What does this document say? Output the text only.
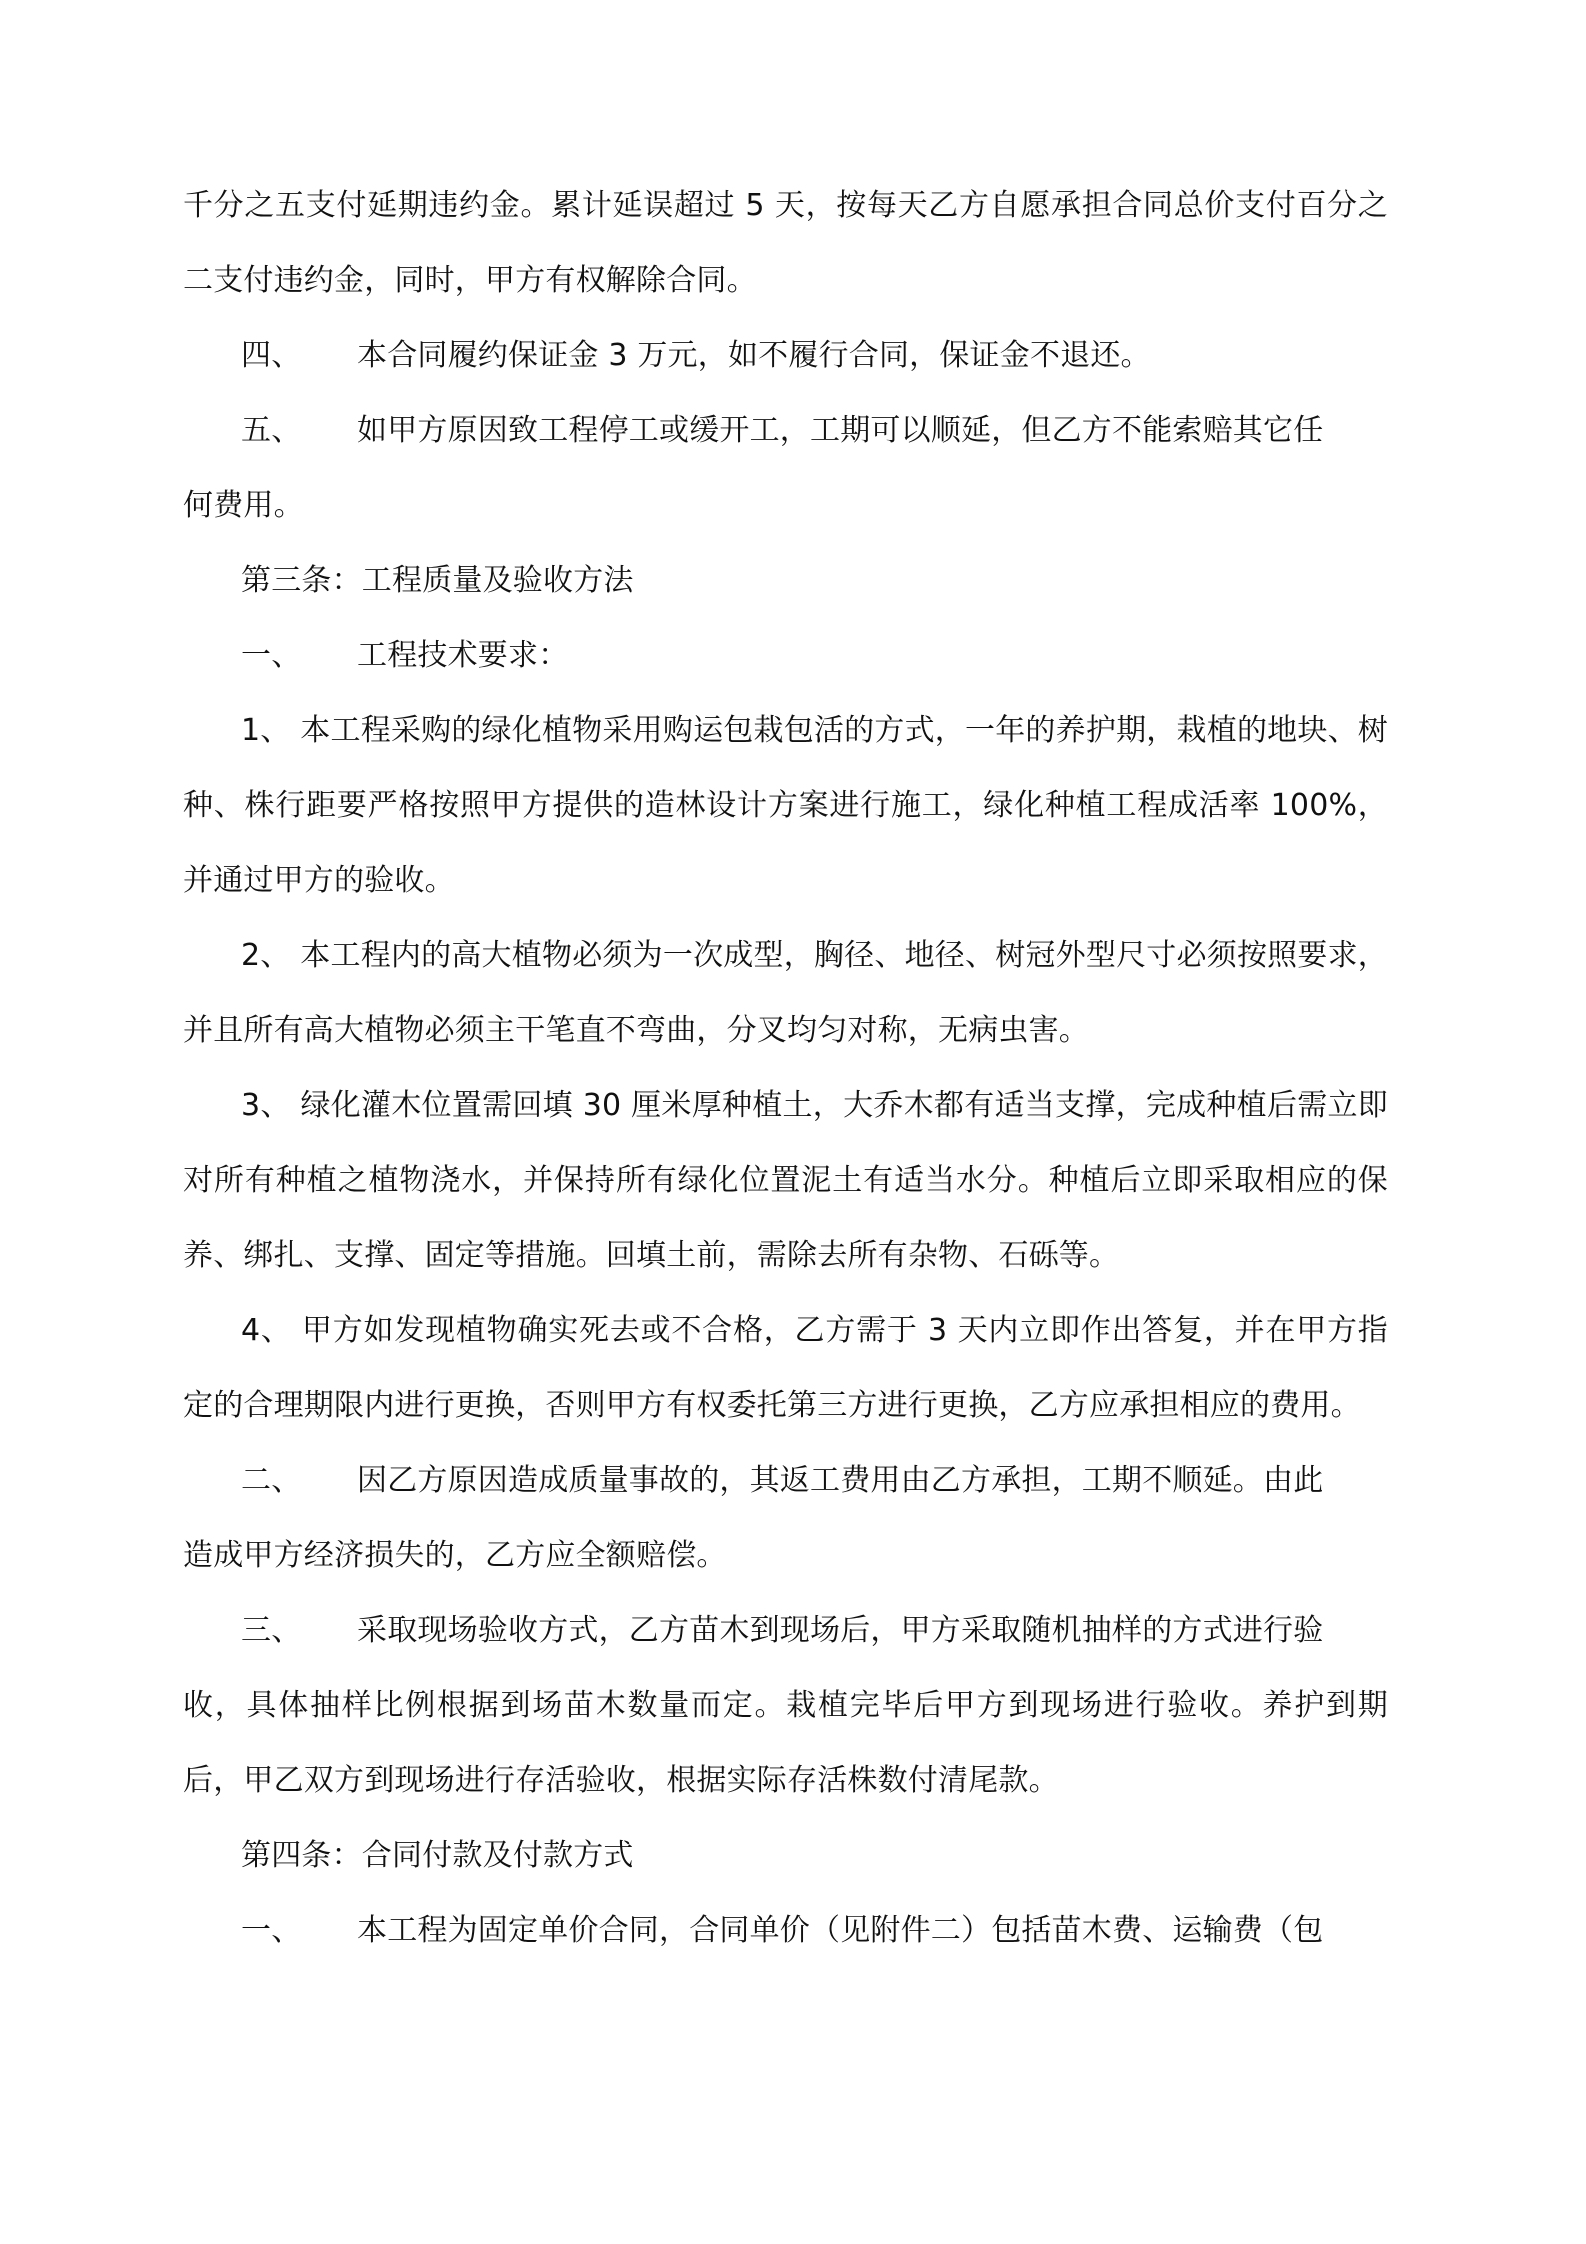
千分之五支付延期违约金。累计延误超过 5 天，按每天乙方自愿承担合同总价支付百分之二支付违约金，同时，甲方有权解除合同。

四、	本合同履约保证金 3 万元，如不履行合同，保证金不退还。
五、	如甲方原因致工程停工或缓开工，工期可以顺延，但乙方不能索赔其它任

何费用。

第三条：工程质量及验收方法

一、	工程技术要求：

1、 本工程采购的绿化植物采用购运包栽包活的方式，一年的养护期，栽植的地块、树种、株行距要严格按照甲方提供的造林设计方案进行施工，绿化种植工程成活率 100%，并通过甲方的验收。

2、 本工程内的高大植物必须为一次成型，胸径、地径、树冠外型尺寸必须按照要求，并且所有高大植物必须主干笔直不弯曲，分叉均匀对称，无病虫害。

3、 绿化灌木位置需回填 30 厘米厚种植土，大乔木都有适当支撑，完成种植后需立即对所有种植之植物浇水，并保持所有绿化位置泥土有适当水分。种植后立即采取相应的保养、绑扎、支撑、固定等措施。回填土前，需除去所有杂物、石砾等。

4、 甲方如发现植物确实死去或不合格，乙方需于 3 天内立即作出答复，并在甲方指定的合理期限内进行更换，否则甲方有权委托第三方进行更换，乙方应承担相应的费用。

二、	因乙方原因造成质量事故的，其返工费用由乙方承担，工期不顺延。由此

造成甲方经济损失的，乙方应全额赔偿。

三、	采取现场验收方式，乙方苗木到现场后，甲方采取随机抽样的方式进行验

收，具体抽样比例根据到场苗木数量而定。栽植完毕后甲方到现场进行验收。养护到期后，甲乙双方到现场进行存活验收，根据实际存活株数付清尾款。

第四条：合同付款及付款方式

一、	本工程为固定单价合同，合同单价（见附件二）包括苗木费、运输费（包
